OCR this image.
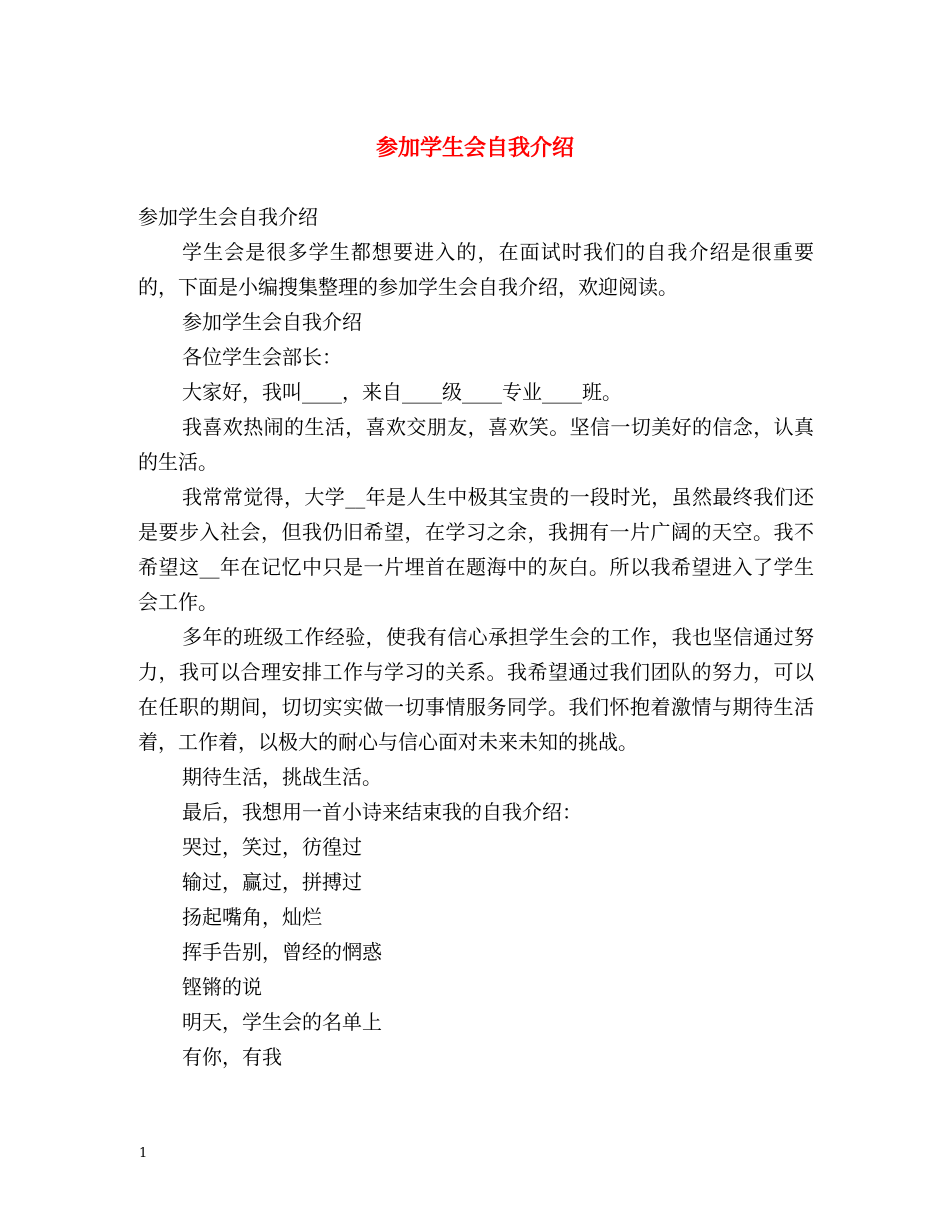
参加学生会自我介绍

参加学生会自我介绍

学生会是很多学生都想要进入的，在面试时我们的自我介绍是很重要的，下面是小编搜集整理的参加学生会自我介绍，欢迎阅读。

参加学生会自我介绍

各位学生会部长：

大家好，我叫____，来自____级____专业____班。

我喜欢热闹的生活，喜欢交朋友，喜欢笑。坚信一切美好的信念，认真的生活。

我常常觉得，大学__年是人生中极其宝贵的一段时光，虽然最终我们还是要步入社会，但我仍旧希望，在学习之余，我拥有一片广阔的天空。我不希望这__年在记忆中只是一片埋首在题海中的灰白。所以我希望进入了学生会工作。

多年的班级工作经验，使我有信心承担学生会的工作，我也坚信通过努力，我可以合理安排工作与学习的关系。我希望通过我们团队的努力，可以在任职的期间，切切实实做一切事情服务同学。我们怀抱着激情与期待生活着，工作着，以极大的耐心与信心面对未来未知的挑战。

期待生活，挑战生活。

最后，我想用一首小诗来结束我的自我介绍：

哭过，笑过，彷徨过

输过，赢过，拼搏过

扬起嘴角，灿烂

挥手告别，曾经的惘惑

铿锵的说

明天，学生会的名单上

有你，有我

1
